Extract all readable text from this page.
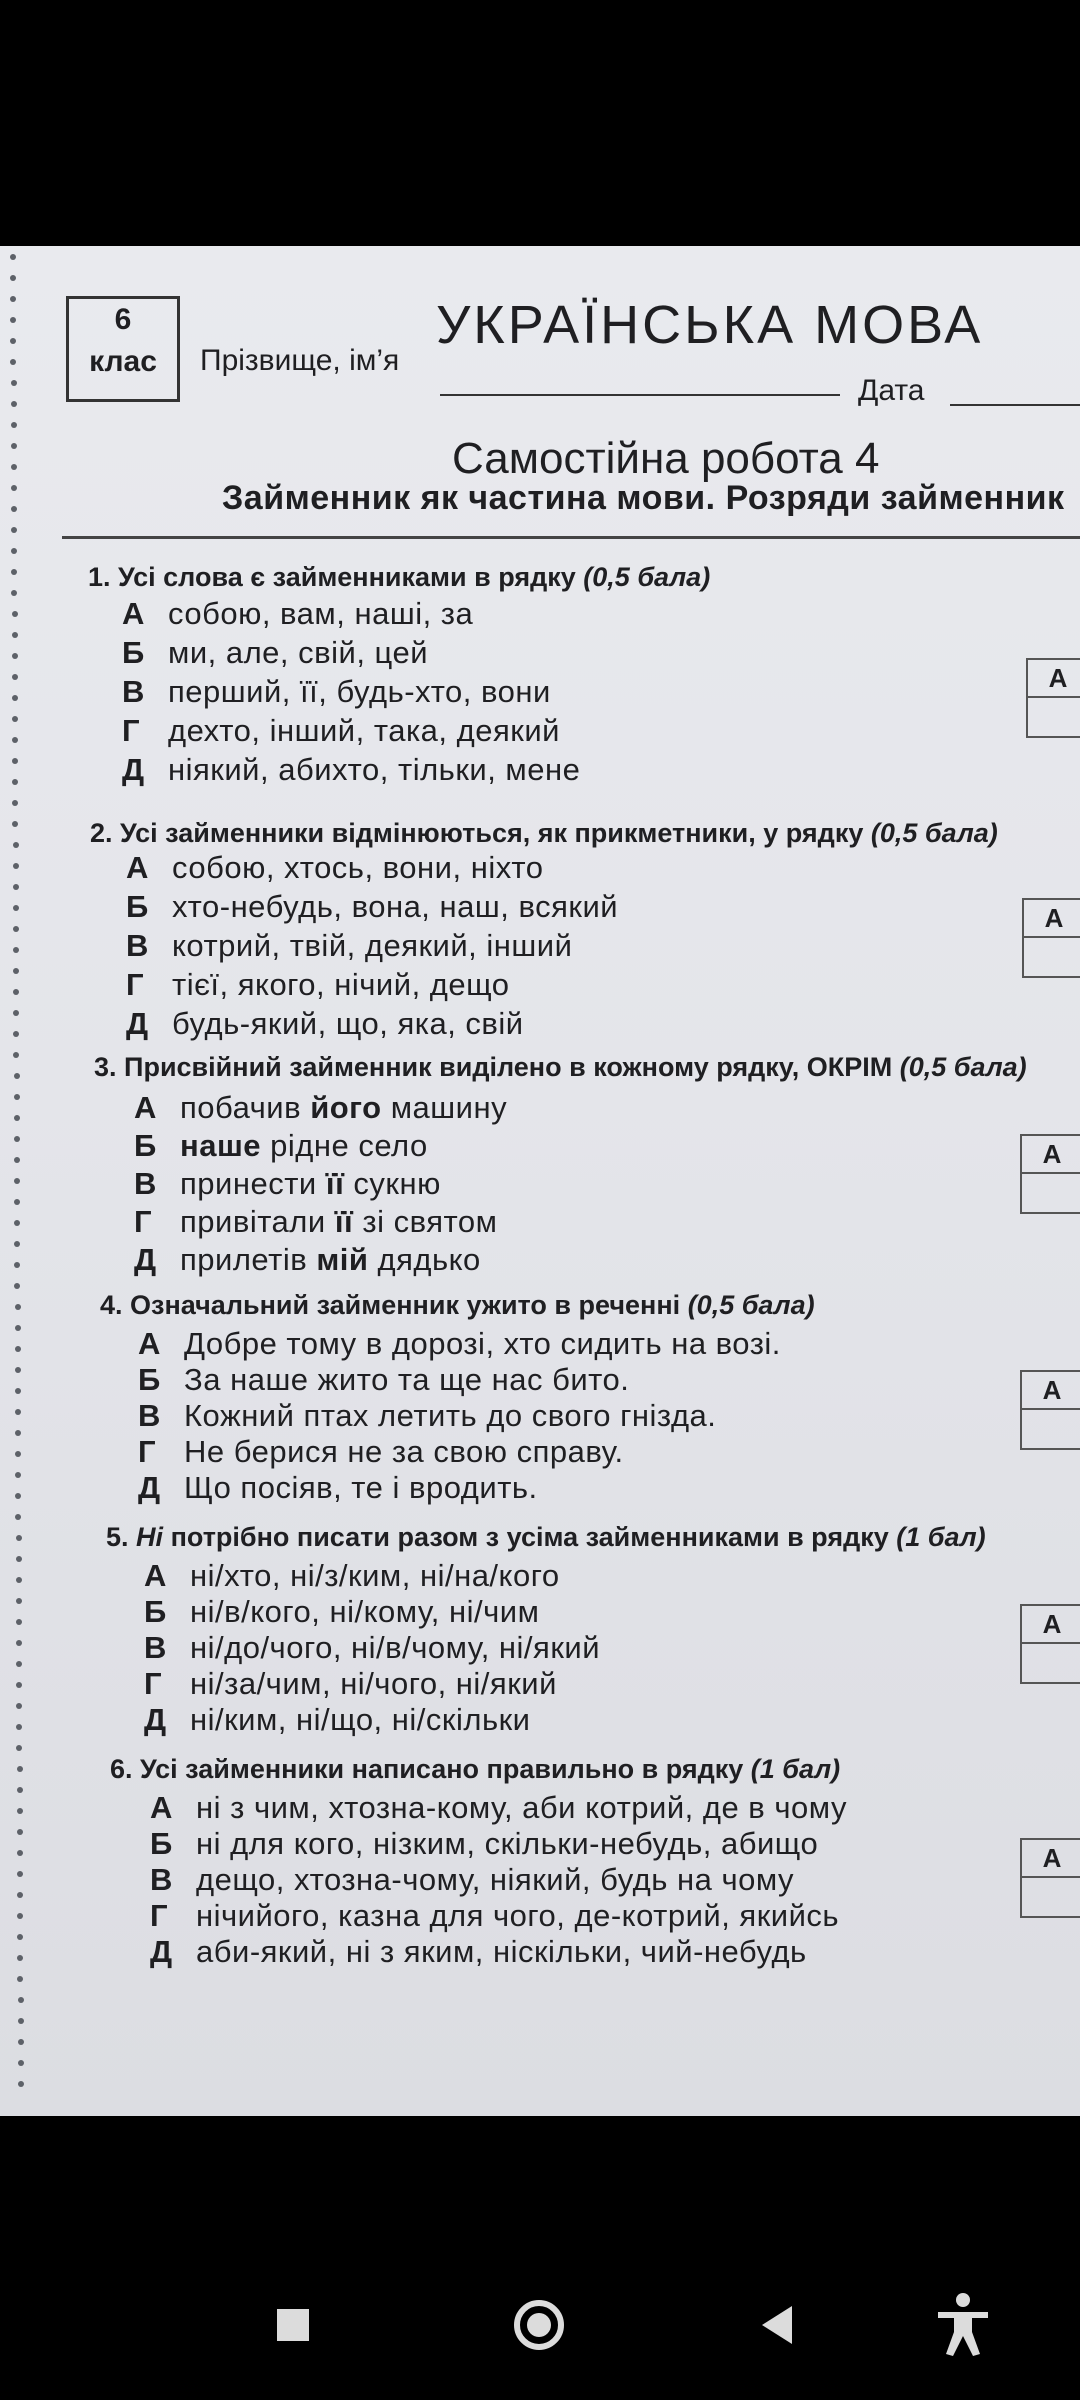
6
клас
УКРАЇНСЬКА МОВА
Прізвище, ім’я
Дата
Самостійна робота 4
Займенник як частина мови. Розряди займенник
1. Усі слова є займенниками в рядку (0,5 бала)
А собою, вам, наші, за
Б ми, але, свій, цей
В перший, її, будь-хто, вони
Г дехто, інший, така, деякий
Д ніякий, абихто, тільки, мене
А
2. Усі займенники відмінюються, як прикметники, у рядку (0,5 бала)
А собою, хтось, вони, ніхто
Б хто-небудь, вона, наш, всякий
В котрий, твій, деякий, інший
Г тієї, якого, нічий, дещо
Д будь-який, що, яка, свій
А
3. Присвійний займенник виділено в кожному рядку, ОКРІМ (0,5 бала)
А побачив його машину
Б наше рідне село
В принести її сукню
Г привітали її зі святом
Д прилетів мій дядько
А
4. Означальний займенник ужито в реченні (0,5 бала)
А Добре тому в дорозі, хто сидить на возі.
Б За наше жито та ще нас бито.
В Кожний птах летить до свого гнізда.
Г Не берися не за свою справу.
Д Що посіяв, те і вродить.
А
5. Ні потрібно писати разом з усіма займенниками в рядку (1 бал)
А ні/хто, ні/з/ким, ні/на/кого
Б ні/в/кого, ні/кому, ні/чим
В ні/до/чого, ні/в/чому, ні/який
Г ні/за/чим, ні/чого, ні/який
Д ні/ким, ні/що, ні/скільки
А
6. Усі займенники написано правильно в рядку (1 бал)
А ні з чим, хтозна-кому, аби котрий, де в чому
Б ні для кого, нізким, скільки-небудь, абищо
В дещо, хтозна-чому, ніякий, будь на чому
Г нічийого, казна для чого, де-котрий, якийсь
Д аби-який, ні з яким, ніскільки, чий-небудь
А
